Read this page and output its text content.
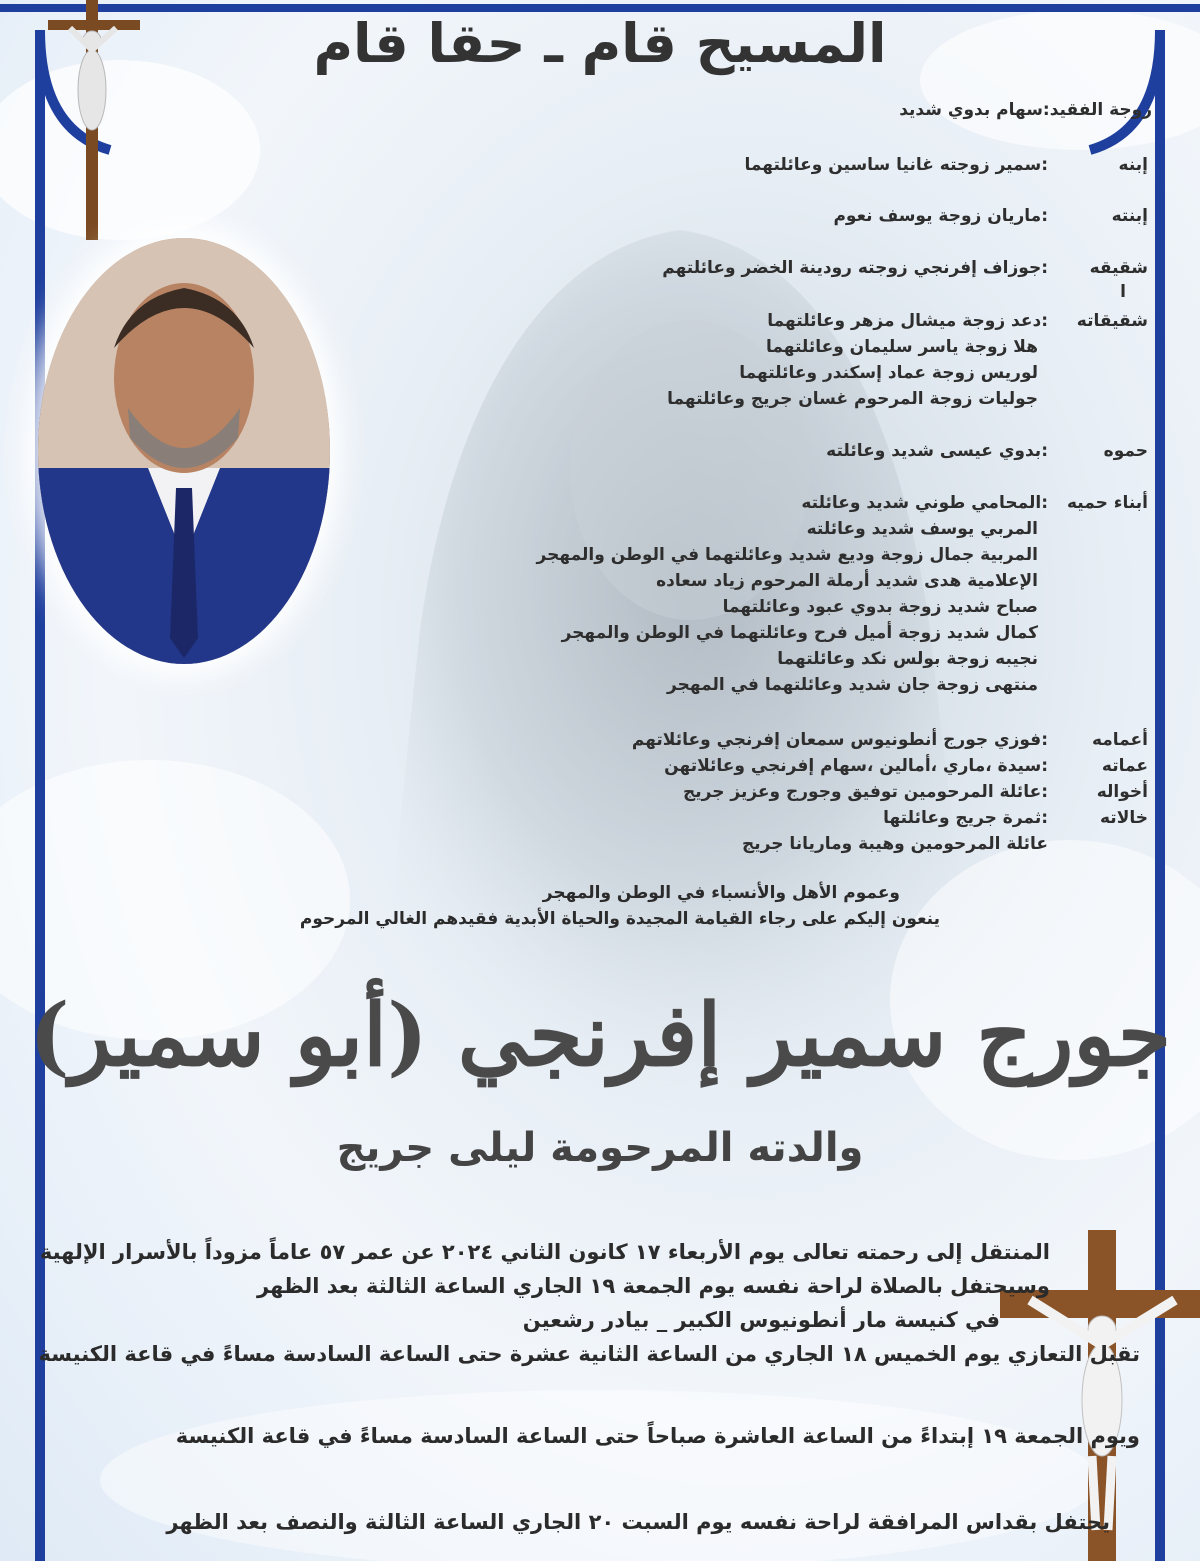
المسيح قام ـ حقا قام
زوجة الفقيد:سهام بدوي شديد
إبنه
:سمير زوجته غانيا ساسين وعائلتهما
إبنته
:ماريان زوجة يوسف نعوم
شقيقه
ا
:جوزاف إفرنجي زوجته رودينة الخضر وعائلتهم
شقيقاته
:دعد زوجة ميشال مزهر وعائلتهما
هلا زوجة ياسر سليمان وعائلتهما
لوريس زوجة عماد إسكندر وعائلتهما
جوليات زوجة المرحوم غسان جريج وعائلتهما
حموه
:بدوي عيسى شديد وعائلته
أبناء حميه
:المحامي طوني شديد وعائلته
المربي يوسف شديد وعائلته
المربية جمال زوجة وديع شديد وعائلتهما في الوطن والمهجر
الإعلامية هدى شديد أرملة المرحوم زياد سعاده
صباح شديد زوجة بدوي عبود وعائلتهما
كمال شديد زوجة أميل فرح وعائلتهما في الوطن والمهجر
نجيبه زوجة بولس نكد وعائلتهما
منتهى زوجة جان شديد وعائلتهما في المهجر
أعمامه
:فوزي جورج أنطونيوس سمعان إفرنجي وعائلاتهم
عماته
:سيدة ،ماري ،أمالين ،سهام إفرنجي وعائلاتهن
أخواله
:عائلة المرحومين توفيق وجورج وعزيز جريج
خالاته
:ثمرة جريج وعائلتها
عائلة المرحومين وهيبة وماريانا جريج
وعموم الأهل والأنسباء في الوطن والمهجر
ينعون إليكم على رجاء القيامة المجيدة والحياة الأبدية فقيدهم الغالي المرحوم
جورج سمير إفرنجي (أبو سمير)
والدته المرحومة ليلى جريج
المنتقل إلى رحمته تعالى يوم الأربعاء ١٧ كانون الثاني ٢٠٢٤ عن عمر ٥٧ عاماً مزوداً بالأسرار الإلهية
وسيحتفل بالصلاة لراحة نفسه يوم الجمعة ١٩ الجاري الساعة الثالثة بعد الظهر
في كنيسة مار أنطونيوس الكبير _ بيادر رشعين
تقبل التعازي يوم الخميس ١٨ الجاري من الساعة الثانية عشرة حتى الساعة السادسة مساءً في قاعة الكنيسة
ويوم الجمعة ١٩ إبتداءً من الساعة العاشرة صباحاً حتى الساعة السادسة مساءً في قاعة الكنيسة
يحتفل بقداس المرافقة لراحة نفسه يوم السبت ٢٠ الجاري الساعة الثالثة والنصف بعد الظهر
